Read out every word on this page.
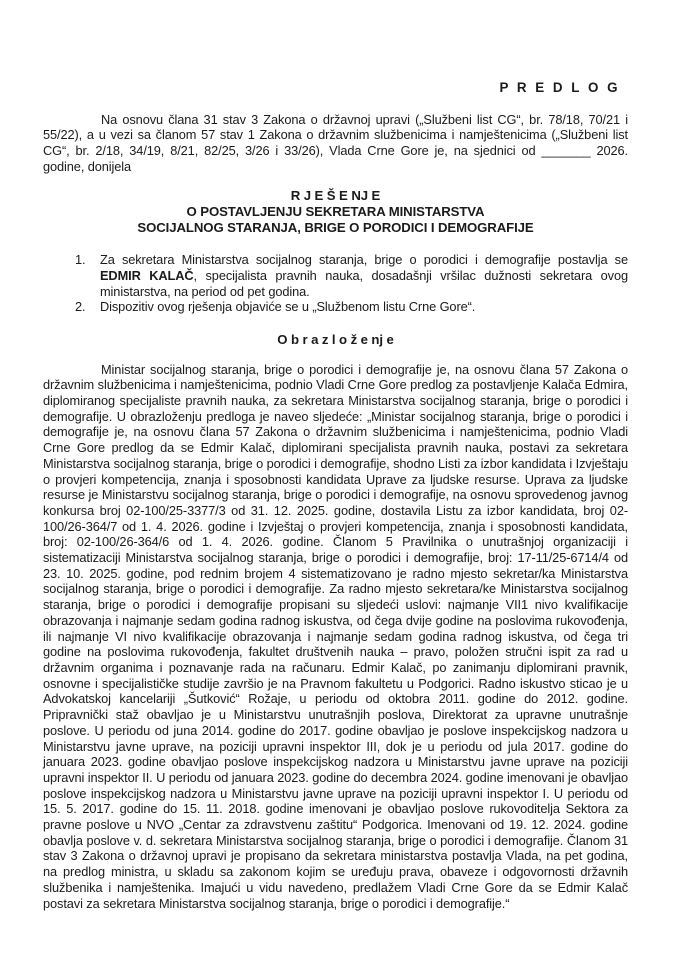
P R E D L O G

Na osnovu člana 31 stav 3 Zakona o državnoj upravi („Službeni list CG“, br. 78/18, 70/21 i 55/22), a u vezi sa članom 57 stav 1 Zakona o državnim službenicima i namještenicima („Službeni list CG“, br. 2/18, 34/19, 8/21, 82/25, 3/26 i 33/26), Vlada Crne Gore je, na sjednici od _______ 2026. godine, donijela

R J E Š E NJ E
O POSTAVLJENJU SEKRETARA MINISTARSTVA
SOCIJALNOG STARANJA, BRIGE O PORODICI I DEMOGRAFIJE
1.	Za sekretara Ministarstva socijalnog staranja, brige o porodici i demografije postavlja se EDMIR KALAČ, specijalista pravnih nauka, dosadašnji vršilac dužnosti sekretara ovog ministarstva, na period od pet godina.
2.	Dispozitiv ovog rješenja objaviće se u „Službenom listu Crne Gore“.
O b r a z l o ž e nj e

Ministar socijalnog staranja, brige o porodici i demografije je, na osnovu člana 57 Zakona o državnim službenicima i namještenicima, podnio Vladi Crne Gore predlog za postavljenje Kalača Edmira, diplomiranog specijaliste pravnih nauka, za sekretara Ministarstva socijalnog staranja, brige o porodici i demografije. U obrazloženju predloga je naveo sljedeće: „Ministar socijalnog staranja, brige o porodici i demografije je, na osnovu člana 57 Zakona o državnim službenicima i namještenicima, podnio Vladi Crne Gore predlog da se Edmir Kalač, diplomirani specijalista pravnih nauka, postavi za sekretara Ministarstva socijalnog staranja, brige o porodici i demografije, shodno Listi za izbor kandidata i Izvještaju o provjeri kompetencija, znanja i sposobnosti kandidata Uprave za ljudske resurse. Uprava za ljudske resurse je Ministarstvu socijalnog staranja, brige o porodici i demografije, na osnovu sprovedenog javnog konkursa broj 02-100/25-3377/3 od 31. 12. 2025. godine, dostavila Listu za izbor kandidata, broj 02-100/26-364/7 od 1. 4. 2026. godine i Izvještaj o provjeri kompetencija, znanja i sposobnosti kandidata, broj: 02-100/26-364/6 od 1. 4. 2026. godine. Članom 5 Pravilnika o unutrašnjoj organizaciji i sistematizaciji Ministarstva socijalnog staranja, brige o porodici i demografije, broj: 17-11/25-6714/4 od 23. 10. 2025. godine, pod rednim brojem 4 sistematizovano je radno mjesto sekretar/ka Ministarstva socijalnog staranja, brige o porodici i demografije. Za radno mjesto sekretara/ke Ministarstva socijalnog staranja, brige o porodici i demografije propisani su sljedeći uslovi: najmanje VII1 nivo kvalifikacije obrazovanja i najmanje sedam godina radnog iskustva, od čega dvije godine na poslovima rukovođenja, ili najmanje VI nivo kvalifikacije obrazovanja i najmanje sedam godina radnog iskustva, od čega tri godine na poslovima rukovođenja, fakultet društvenih nauka – pravo, položen stručni ispit za rad u državnim organima i poznavanje rada na računaru. Edmir Kalač, po zanimanju diplomirani pravnik, osnovne i specijalističke studije završio je na Pravnom fakultetu u Podgorici. Radno iskustvo sticao je u Advokatskoj kancelariji „Šutković“ Rožaje, u periodu od oktobra 2011. godine do 2012. godine. Pripravnički staž obavljao je u Ministarstvu unutrašnjih poslova, Direktorat za upravne unutrašnje poslove. U periodu od juna 2014. godine do 2017. godine obavljao je poslove inspekcijskog nadzora u Ministarstvu javne uprave, na poziciji upravni inspektor III, dok je u periodu od jula 2017. godine do januara 2023. godine obavljao poslove inspekcijskog nadzora u Ministarstvu javne uprave na poziciji upravni inspektor II. U periodu od januara 2023. godine do decembra 2024. godine imenovani je obavljao poslove inspekcijskog nadzora u Ministarstvu javne uprave na poziciji upravni inspektor I. U periodu od 15. 5. 2017. godine do 15. 11. 2018. godine imenovani je obavljao poslove rukovoditelja Sektora za pravne poslove u NVO „Centar za zdravstvenu zaštitu“ Podgorica. Imenovani od 19. 12. 2024. godine obavlja poslove v. d. sekretara Ministarstva socijalnog staranja, brige o porodici i demografije. Članom 31 stav 3 Zakona o državnoj upravi je propisano da sekretara ministarstva postavlja Vlada, na pet godina, na predlog ministra, u skladu sa zakonom kojim se uređuju prava, obaveze i odgovornosti državnih službenika i namještenika. Imajući u vidu navedeno, predlažem Vladi Crne Gore da se Edmir Kalač postavi za sekretara Ministarstva socijalnog staranja, brige o porodici i demografije.“
